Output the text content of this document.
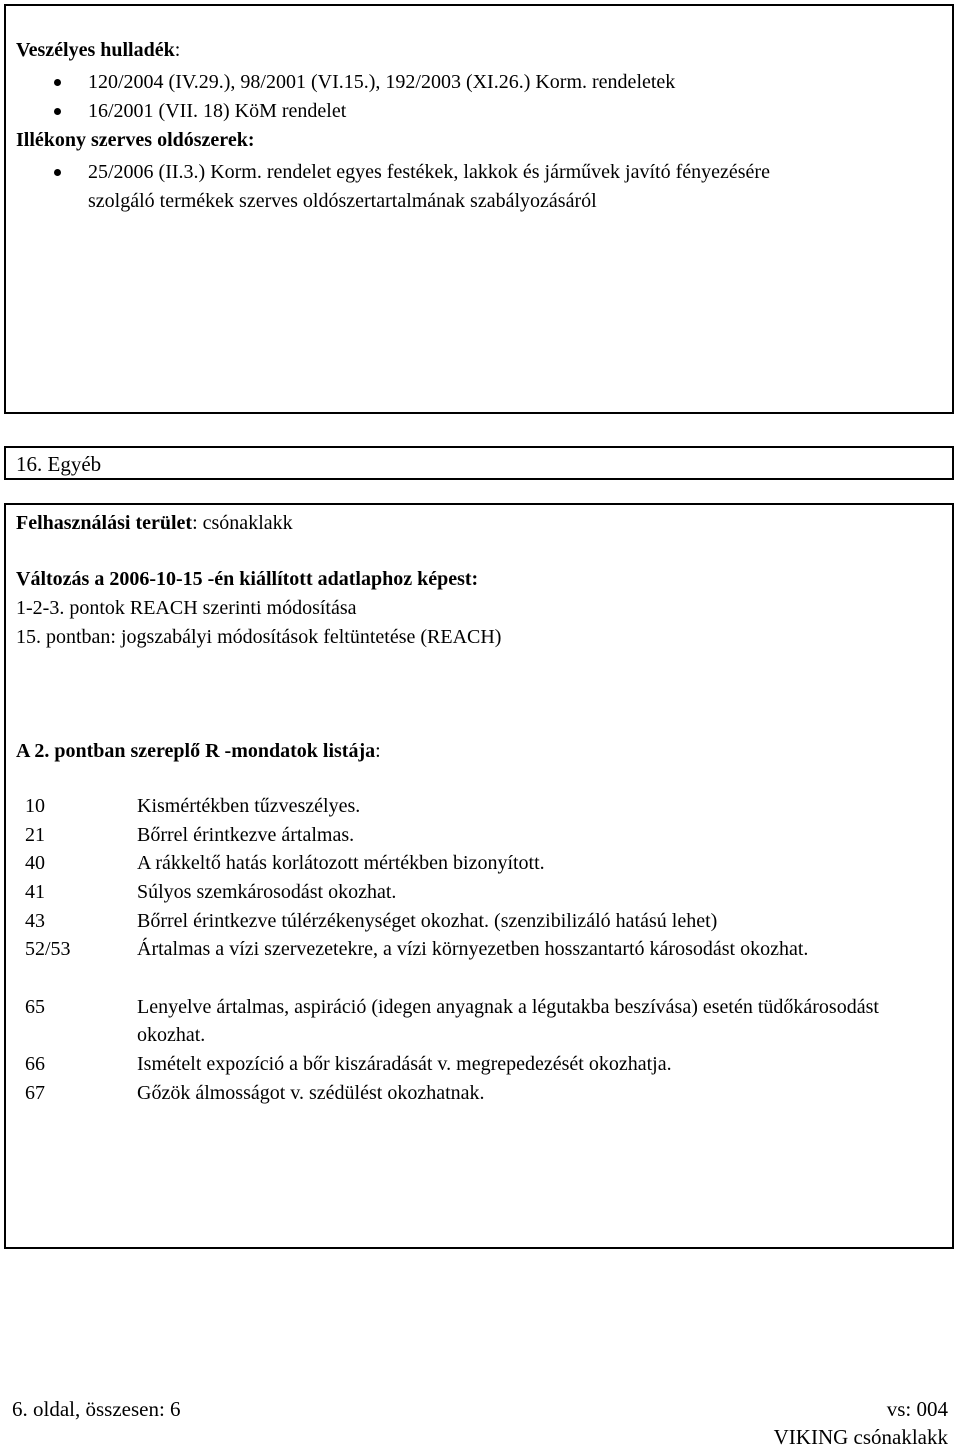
Veszélyes hulladék:
120/2004 (IV.29.), 98/2001 (VI.15.), 192/2003 (XI.26.) Korm. rendeletek
16/2001 (VII. 18) KöM rendelet
Illékony szerves oldószerek:
25/2006 (II.3.) Korm. rendelet egyes festékek, lakkok és járművek javító fényezésére
szolgáló termékek szerves oldószertartalmának szabályozásáról
16. Egyéb
Felhasználási terület: csónaklakk
Változás a 2006-10-15 -én kiállított adatlaphoz képest:
1-2-3. pontok REACH szerinti módosítása
15. pontban: jogszabályi módosítások feltüntetése (REACH)
A 2. pontban szereplő R -mondatok listája:
10	Kismértékben tűzveszélyes.
21	Bőrrel érintkezve ártalmas.
40	A rákkeltő hatás korlátozott mértékben bizonyított.
41	Súlyos szemkárosodást okozhat.
43	Bőrrel érintkezve túlérzékenységet okozhat. (szenzibilizáló hatású lehet)
52/53	Ártalmas a vízi szervezetekre, a vízi környezetben hosszantartó károsodást okozhat.
65	Lenyelve ártalmas, aspiráció (idegen anyagnak a légutakba beszívása) esetén tüdőkárosodást okozhat.
66	Ismételt expozíció a bőr kiszáradását v. megrepedezését okozhatja.
67	Gőzök álmosságot v. szédülést okozhatnak.
6. oldal, összesen: 6	vs: 004
VIKING csónaklakk
